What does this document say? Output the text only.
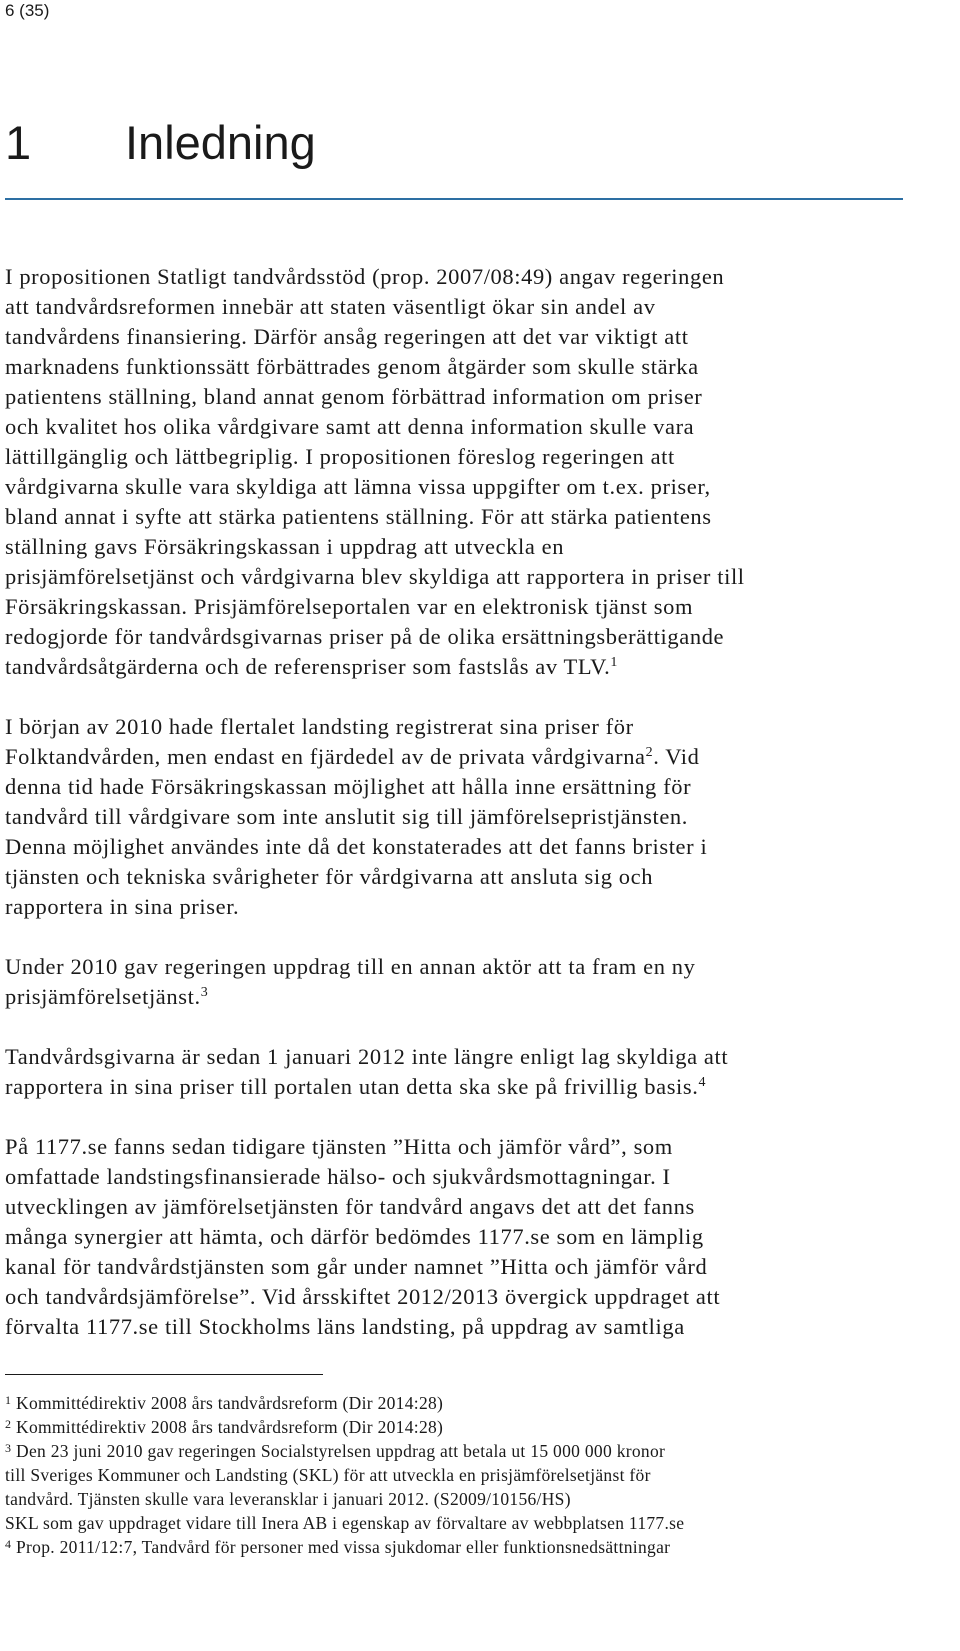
6 (35)
1 Inledning

I propositionen Statligt tandvårdsstöd (prop. 2007/08:49) angav regeringen
att tandvårdsreformen innebär att staten väsentligt ökar sin andel av
tandvårdens finansiering. Därför ansåg regeringen att det var viktigt att
marknadens funktionssätt förbättrades genom åtgärder som skulle stärka
patientens ställning, bland annat genom förbättrad information om priser
och kvalitet hos olika vårdgivare samt att denna information skulle vara
lättillgänglig och lättbegriplig. I propositionen föreslog regeringen att
vårdgivarna skulle vara skyldiga att lämna vissa uppgifter om t.ex. priser,
bland annat i syfte att stärka patientens ställning. För att stärka patientens
ställning gavs Försäkringskassan i uppdrag att utveckla en
prisjämförelsetjänst och vårdgivarna blev skyldiga att rapportera in priser till
Försäkringskassan. Prisjämförelseportalen var en elektronisk tjänst som
redogjorde för tandvårdsgivarnas priser på de olika ersättningsberättigande
tandvårdsåtgärderna och de referenspriser som fastslås av TLV.$^1$

I början av 2010 hade flertalet landsting registrerat sina priser för
Folktandvården, men endast en fjärdedel av de privata vårdgivarna$^2$. Vid
denna tid hade Försäkringskassan möjlighet att hålla inne ersättning för
tandvård till vårdgivare som inte anslutit sig till jämförelsepristjänsten.
Denna möjlighet användes inte då det konstaterades att det fanns brister i
tjänsten och tekniska svårigheter för vårdgivarna att ansluta sig och
rapportera in sina priser.

Under 2010 gav regeringen uppdrag till en annan aktör att ta fram en ny
prisjämförelsetjänst.$^3$

Tandvårdsgivarna är sedan 1 januari 2012 inte längre enligt lag skyldiga att
rapportera in sina priser till portalen utan detta ska ske på frivillig basis.$^4$

På 1177.se fanns sedan tidigare tjänsten ”Hitta och jämför vård”, som
omfattade landstingsfinansierade hälso- och sjukvårdsmottagningar. I
utvecklingen av jämförelsetjänsten för tandvård angavs det att det fanns
många synergier att hämta, och därför bedömdes 1177.se som en lämplig
kanal för tandvårdstjänsten som går under namnet ”Hitta och jämför vård
och tandvårdsjämförelse”. Vid årsskiftet 2012/2013 övergick uppdraget att
förvalta 1177.se till Stockholms läns landsting, på uppdrag av samtliga

$^1$ Kommittédirektiv 2008 års tandvårdsreform (Dir 2014:28)
$^2$ Kommittédirektiv 2008 års tandvårdsreform (Dir 2014:28)
$^3$ Den 23 juni 2010 gav regeringen Socialstyrelsen uppdrag att betala ut 15 000 000 kronor
till Sveriges Kommuner och Landsting (SKL) för att utveckla en prisjämförelsetjänst för
tandvård. Tjänsten skulle vara leveransklar i januari 2012. (S2009/10156/HS)
SKL som gav uppdraget vidare till Inera AB i egenskap av förvaltare av webbplatsen 1177.se
$^4$ Prop. 2011/12:7, Tandvård för personer med vissa sjukdomar eller funktionsnedsättningar
